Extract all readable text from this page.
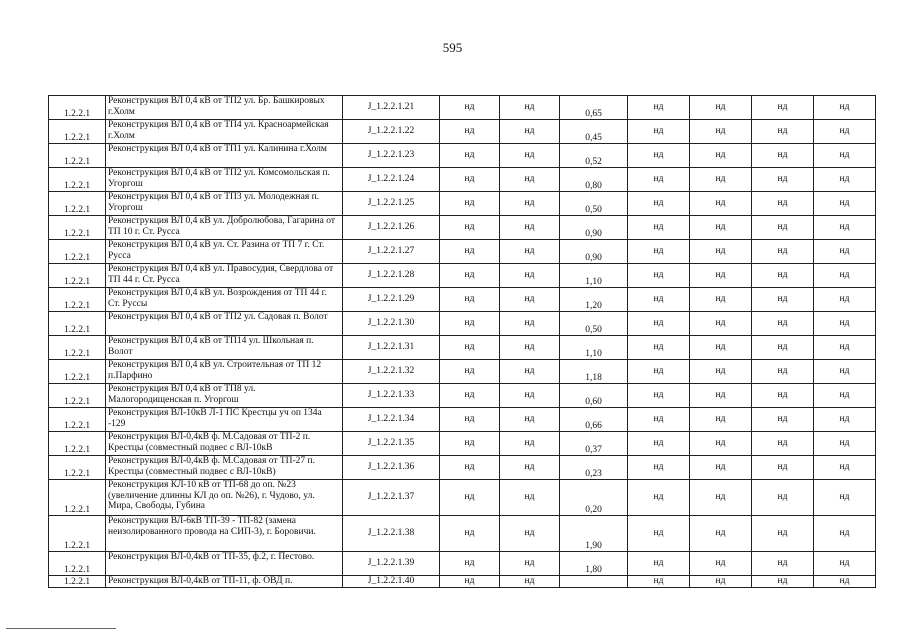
595
1.2.2.1	Реконструкция ВЛ 0,4 кВ от ТП2 ул. Бр. Башкировых г.Холм	J_1.2.2.1.21	нд	нд	0,65	нд	нд	нд	нд
1.2.2.1	Реконструкция ВЛ 0,4 кВ от ТП4 ул. Красноармейская г.Холм	J_1.2.2.1.22	нд	нд	0,45	нд	нд	нд	нд
1.2.2.1	Реконструкция ВЛ 0,4 кВ от ТП1 ул. Калинина г.Холм	J_1.2.2.1.23	нд	нд	0,52	нд	нд	нд	нд
1.2.2.1	Реконструкция ВЛ 0,4 кВ от ТП2 ул. Комсомольская п. Угоргош	J_1.2.2.1.24	нд	нд	0,80	нд	нд	нд	нд
1.2.2.1	Реконструкция ВЛ 0,4 кВ от ТП3 ул. Молодежная п. Угоргош	J_1.2.2.1.25	нд	нд	0,50	нд	нд	нд	нд
1.2.2.1	Реконструкция ВЛ 0,4 кВ ул. Добролюбова, Гагарина от ТП 10 г. Ст. Русса	J_1.2.2.1.26	нд	нд	0,90	нд	нд	нд	нд
1.2.2.1	Реконструкция ВЛ 0,4 кВ ул. Ст. Разина от ТП 7 г. Ст. Русса	J_1.2.2.1.27	нд	нд	0,90	нд	нд	нд	нд
1.2.2.1	Реконструкция ВЛ 0,4 кВ ул. Правосудия, Свердлова от ТП 44 г. Ст. Русса	J_1.2.2.1.28	нд	нд	1,10	нд	нд	нд	нд
1.2.2.1	Реконструкция ВЛ 0,4 кВ ул. Возрождения от ТП 44 г. Ст. Руссы	J_1.2.2.1.29	нд	нд	1,20	нд	нд	нд	нд
1.2.2.1	Реконструкция ВЛ 0,4 кВ от ТП2 ул. Садовая п. Волот	J_1.2.2.1.30	нд	нд	0,50	нд	нд	нд	нд
1.2.2.1	Реконструкция ВЛ 0,4 кВ от ТП14 ул. Школьная п. Волот	J_1.2.2.1.31	нд	нд	1,10	нд	нд	нд	нд
1.2.2.1	Реконструкция ВЛ 0,4 кВ ул. Строительная от ТП 12 п.Парфино	J_1.2.2.1.32	нд	нд	1,18	нд	нд	нд	нд
1.2.2.1	Реконструкция ВЛ 0,4 кВ от ТП8 ул. Малогородищенская п. Угоргош	J_1.2.2.1.33	нд	нд	0,60	нд	нд	нд	нд
1.2.2.1	Реконструкция ВЛ-10кВ Л-1 ПС Крестцы уч оп 134а -129	J_1.2.2.1.34	нд	нд	0,66	нд	нд	нд	нд
1.2.2.1	Реконструкция ВЛ-0,4кВ ф. М.Садовая от ТП-2 п. Крестцы (совместный подвес с ВЛ-10кВ	J_1.2.2.1.35	нд	нд	0,37	нд	нд	нд	нд
1.2.2.1	Реконструкция ВЛ-0,4кВ ф. М.Садовая от ТП-27 п. Крестцы (совместный подвес с ВЛ-10кВ)	J_1.2.2.1.36	нд	нд	0,23	нд	нд	нд	нд
1.2.2.1	Реконструкция КЛ-10 кВ от ТП-68 до оп. №23 (увеличение длинны КЛ до оп. №26), г. Чудово, ул. Мира, Свободы, Губина	J_1.2.2.1.37	нд	нд	0,20	нд	нд	нд	нд
1.2.2.1	Реконструкция ВЛ-6кВ ТП-39 - ТП-82 (замена неизолированного провода на СИП-3), г. Боровичи.	J_1.2.2.1.38	нд	нд	1,90	нд	нд	нд	нд
1.2.2.1	Реконструкция ВЛ-0,4кВ от ТП-35, ф.2, г. Пестово.	J_1.2.2.1.39	нд	нд	1,80	нд	нд	нд	нд
1.2.2.1	Реконструкция ВЛ-0,4кВ от ТП-11, ф. ОВД п.	J_1.2.2.1.40	нд	нд		нд	нд	нд	нд
